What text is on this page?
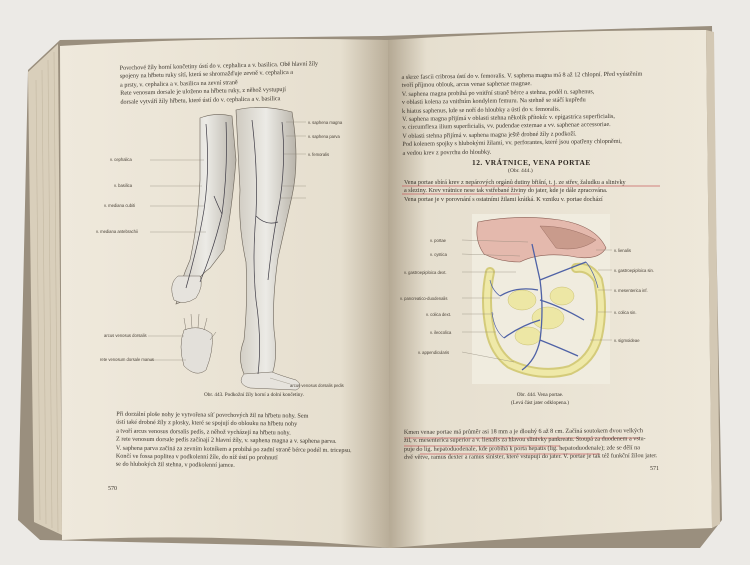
Povrchové žíly horní končetiny ústí do v. cephalica a v. basilica. Obě hlavní žíly

spojeny na hřbetu ruky sítí, která se shromažďuje zevně v. cephalica a

a prsty, v. cephalica a v. basilica na zevní straně

Rete venosum dorsale je uloženo na hřbetu ruky, z něhož vystupují

dorsale vytváří žíly hřbetu, které ústí do v. cephalica a v. basilica

v. cephalica
v. basilica
v. mediana cubiti
v. mediana antebrachii
arcus venosus dorsalis
rete venosum dorsale manus
v. saphena magna
v. saphena parva
v. femoralis
arcus venosus dorsalis pedis
Obr. 443. Podkožní žíly horní a dolní končetiny.

Při dorzální ploše nohy je vytvořena síť povrchových žil na hřbetu nohy. Sem

ústí také drobné žíly z plosky, které se spojují do oblouku na hřbetu nohy

a tvoří arcus venosus dorsalis pedis, z něhož vycházejí na hřbetu nohy.

Z rete venosum dorsale pedis začínají 2 hlavní žíly, v. saphena magna a v. saphena parva.

V. saphena parva začíná za zevním kotníkem a probíhá po zadní straně bérce podél m. tricepsu.

Končí ve fossa poplitea v podkolenní žíle, do níž ústí po prohnutí

se do hlubokých žil stehna, v podkolenní jamce.

570

a skrze fascii cribrosa ústí do v. femoralis. V. saphena magna má 8 až 12 chlopní. Před vyústěním

tvoří příjmou oblouk, arcus venae saphenae magnae.

V. saphena magna probíhá po vnitřní straně bérce a stehna, podél n. saphenus,

v oblasti kolena za vnitřním kondylem femuru. Na stehně se stáčí kupředu

k hiatus saphenus, kde se noří do hloubky a ústí do v. femoralis.

V. saphena magna přijímá v oblasti stehna několik přítoků: v. epigastrica superficialis,

v. circumflexa ilium superficialis, vv. pudendae externae a vv. saphenae accessoriae.

V oblasti stehna přijímá v. saphena magna ještě drobné žíly z podkoží.

Pod kolenem spojky s hlubokými žilami, vv. perforantes, které jsou opatřeny chlopněmi,

a vedou krev z povrchu do hloubky.

12. VRÁTNICE, VENA PORTAE
(Obr. 444.)

Vena portae sbírá krev z nepárových orgánů dutiny břišní, t. j. ze střev, žaludku a slinivky

a sleziny. Krev vrátnice nese tak vstřebané živiny do jater, kde je dále zpracována.

Vena portae je v porovnání s ostatními žilami krátká. K vzniku v. portae dochází

v. portae
v. cystica
v. gastroepiploica dext.
v. pancreatico-duodenalis
v. colica dext.
v. ileocolica
v. appendicularis
v. lienalis
v. gastroepiploica sin.
v. mesenterica inf.
v. colica sin.
v. sigmoideae
Obr. 444. Vena portae.
(Levá část jater odklopena.)

Kmen venae portae má průměr asi 18 mm a je dlouhý 6 až 8 cm. Začíná soutokem dvou velkých

žil, v. mesenterica superior a v. lienalis za hlavou slinivky pankreatu. Stoupá za duodenem a vstu-

puje do lig. hepatoduodenale, kde probíhá k porta hepatis (lig. hepatoduodenale); zde se dělí na

dvě větve, ramus dexter a ramus sinister, které vstupují do jater. V. portae je tak též funkční žílou jater.

571
